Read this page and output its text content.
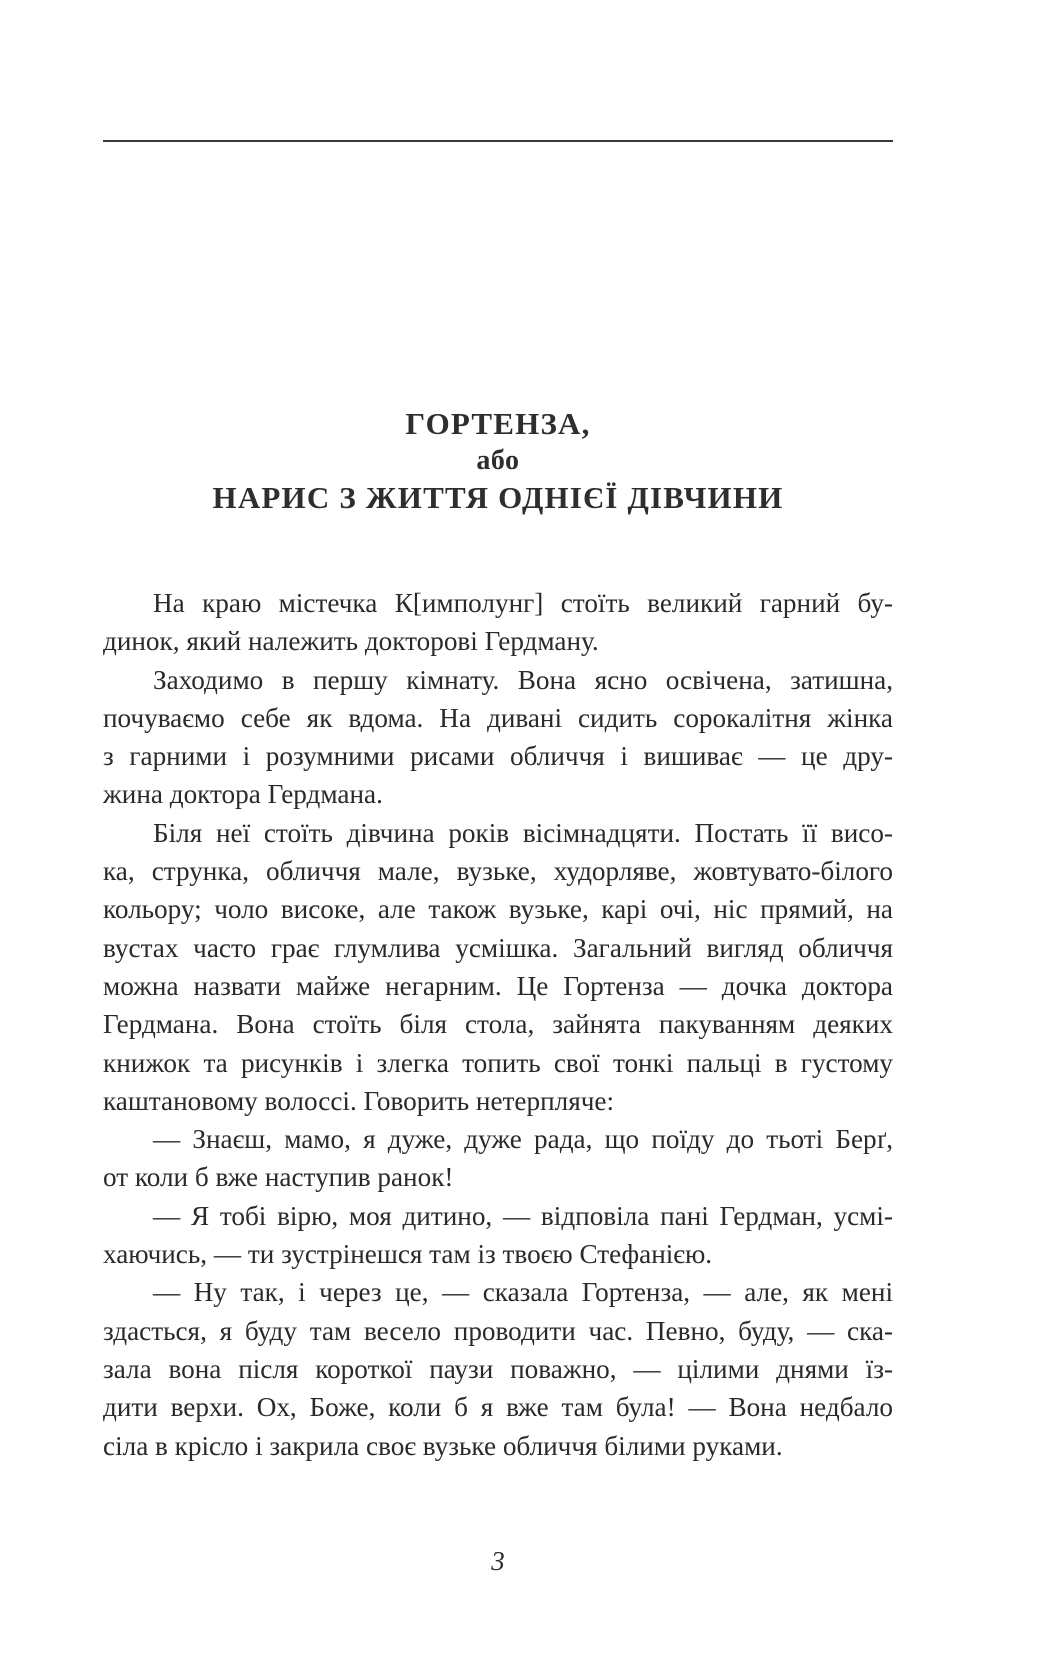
ГОРТЕНЗА,
або
НАРИС З ЖИТТЯ ОДНІЄЇ ДІВЧИНИ
На краю містечка К[имполунг] стоїть великий гарний бу-
динок, який належить докторові Гердману.
Заходимо в першу кімнату. Вона ясно освічена, затишна,
почуваємо себе як вдома. На дивані сидить сорокалітня жінка
з гарними і розумними рисами обличчя і вишиває — це дру-
жина доктора Гердмана.
Біля неї стоїть дівчина років вісімнадцяти. Постать її висо-
ка, струнка, обличчя мале, вузьке, худорляве, жовтувато-білого
кольору; чоло високе, але також вузьке, карі очі, ніс прямий, на
вустах часто грає глумлива усмішка. Загальний вигляд обличчя
можна назвати майже негарним. Це Гортенза — дочка доктора
Гердмана. Вона стоїть біля стола, зайнята пакуванням деяких
книжок та рисунків і злегка топить свої тонкі пальці в густому
каштановому волоссі. Говорить нетерпляче:
— Знаєш, мамо, я дуже, дуже рада, що поїду до тьоті Берґ,
от коли б вже наступив ранок!
— Я тобі вірю, моя дитино, — відповіла пані Гердман, усмі-
хаючись, — ти зустрінешся там із твоєю Стефанією.
— Ну так, і через це, — сказала Гортенза, — але, як мені
здасться, я буду там весело проводити час. Певно, буду, — ска-
зала вона після короткої паузи поважно, — цілими днями їз-
дити верхи. Ох, Боже, коли б я вже там була! — Вона недбало
сіла в крісло і закрила своє вузьке обличчя білими руками.
3
